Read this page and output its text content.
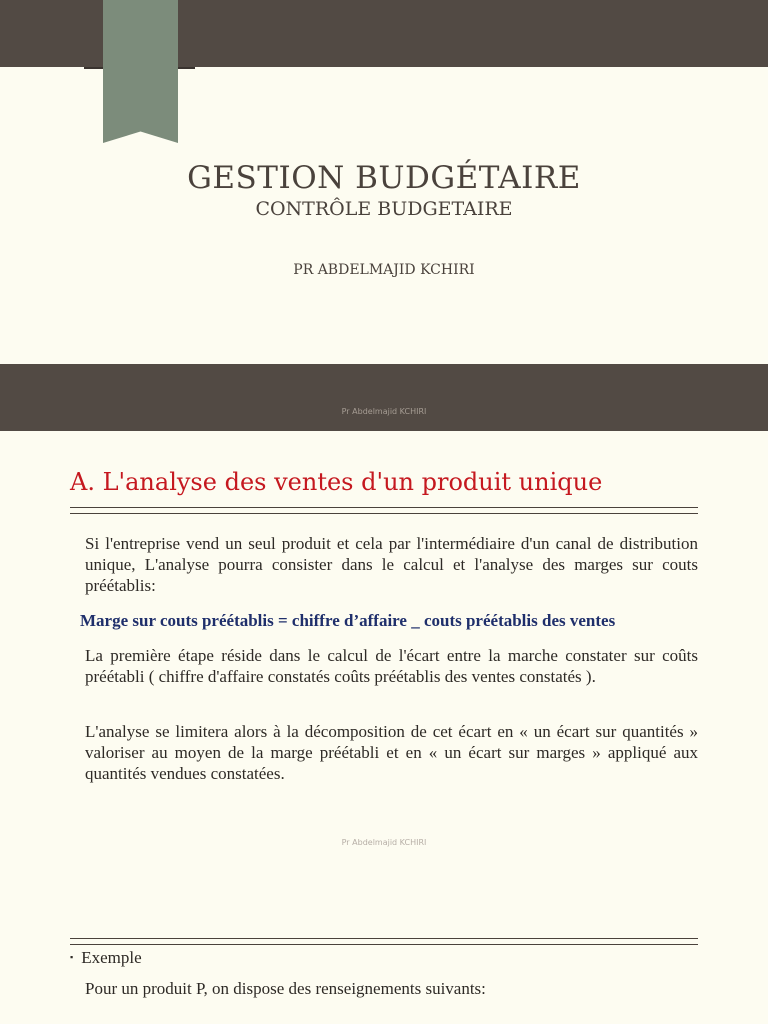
GESTION BUDGÉTAIRE
CONTRÔLE BUDGETAIRE
PR ABDELMAJID KCHIRI
Pr Abdelmajid KCHIRI
A. L'analyse des ventes d'un produit unique

Si l'entreprise vend un seul produit et cela par l'intermédiaire d'un canal de distribution unique, L'analyse pourra consister dans le calcul et l'analyse des marges sur couts préétablis:

Marge sur couts préétablis = chiffre d’affaire _ couts préétablis des ventes

La première étape réside dans le calcul de l'écart entre la marche constater sur coûts préétabli ( chiffre d'affaire constatés coûts préétablis des ventes constatés ).

L'analyse se limitera alors à la décomposition de cet écart en « un écart sur quantités » valoriser au moyen de la marge préétabli et en « un écart sur marges » appliqué aux quantités vendues constatées.

Pr Abdelmajid KCHIRI
▪ Exemple
Pour un produit P, on dispose des renseignements suivants:
